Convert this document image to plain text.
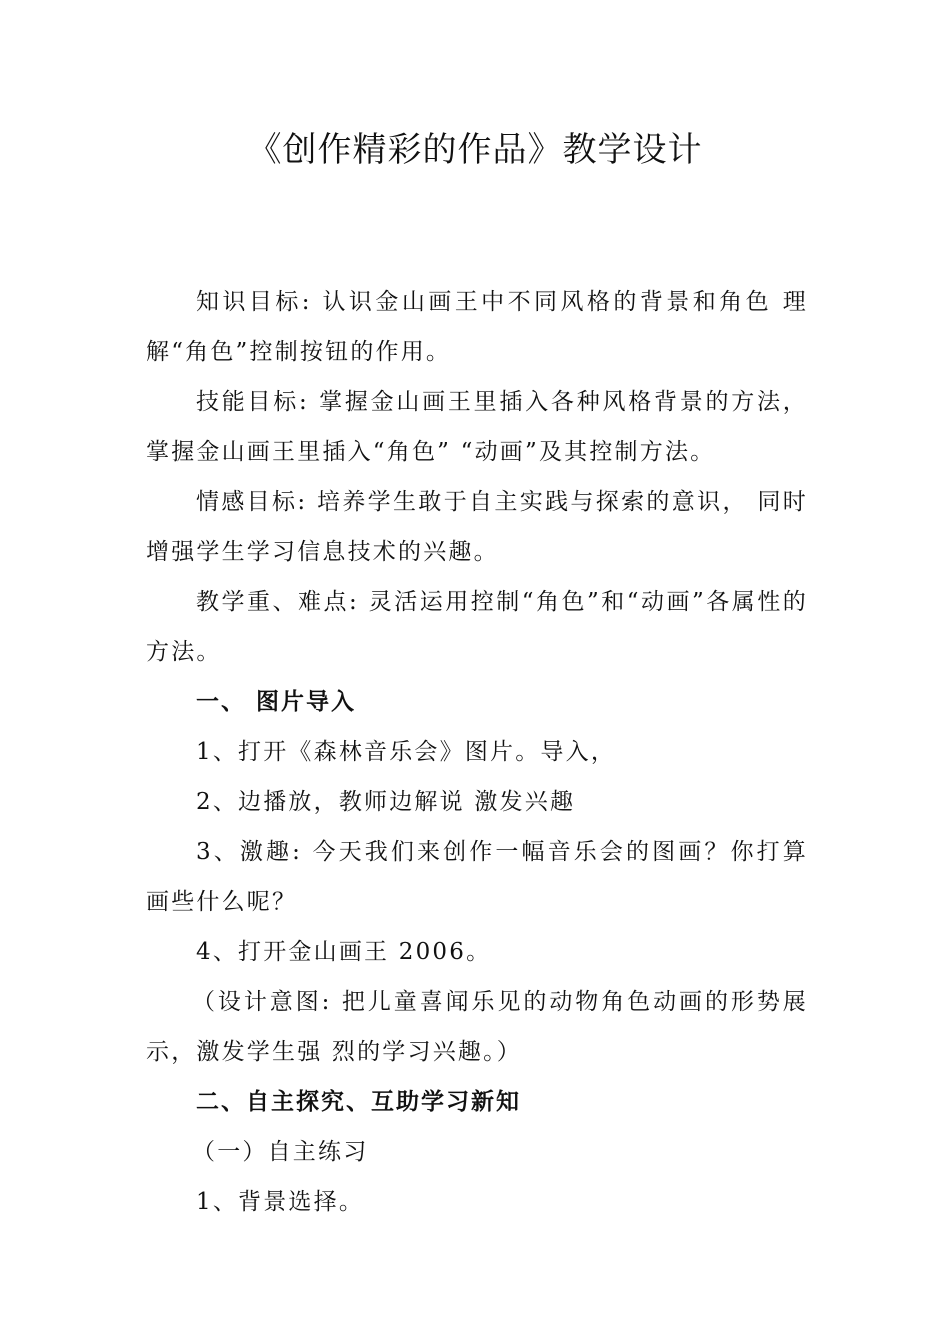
《创作精彩的作品》教学设计

知识目标: 认识金山画王中不同风格的背景和角色 理解“角色”控制按钮的作用。

技能目标: 掌握金山画王里插入各种风格背景的方法，掌握金山画王里插入“角色” “动画”及其控制方法。

情感目标: 培养学生敢于自主实践与探索的意识， 同时增强学生学习信息技术的兴趣。

教学重、难点: 灵活运用控制“角色”和“动画”各属性的方法。

一、 图片导入

1、打开《森林音乐会》图片。导入，

2、边播放，教师边解说 激发兴趣

3、激趣: 今天我们来创作一幅音乐会的图画？你打算画些什么呢？

4、打开金山画王 2006。

（设计意图: 把儿童喜闻乐见的动物角色动画的形势展示，激发学生强 烈的学习兴趣。）

二、自主探究、互助学习新知

（一）自主练习

1、背景选择。
